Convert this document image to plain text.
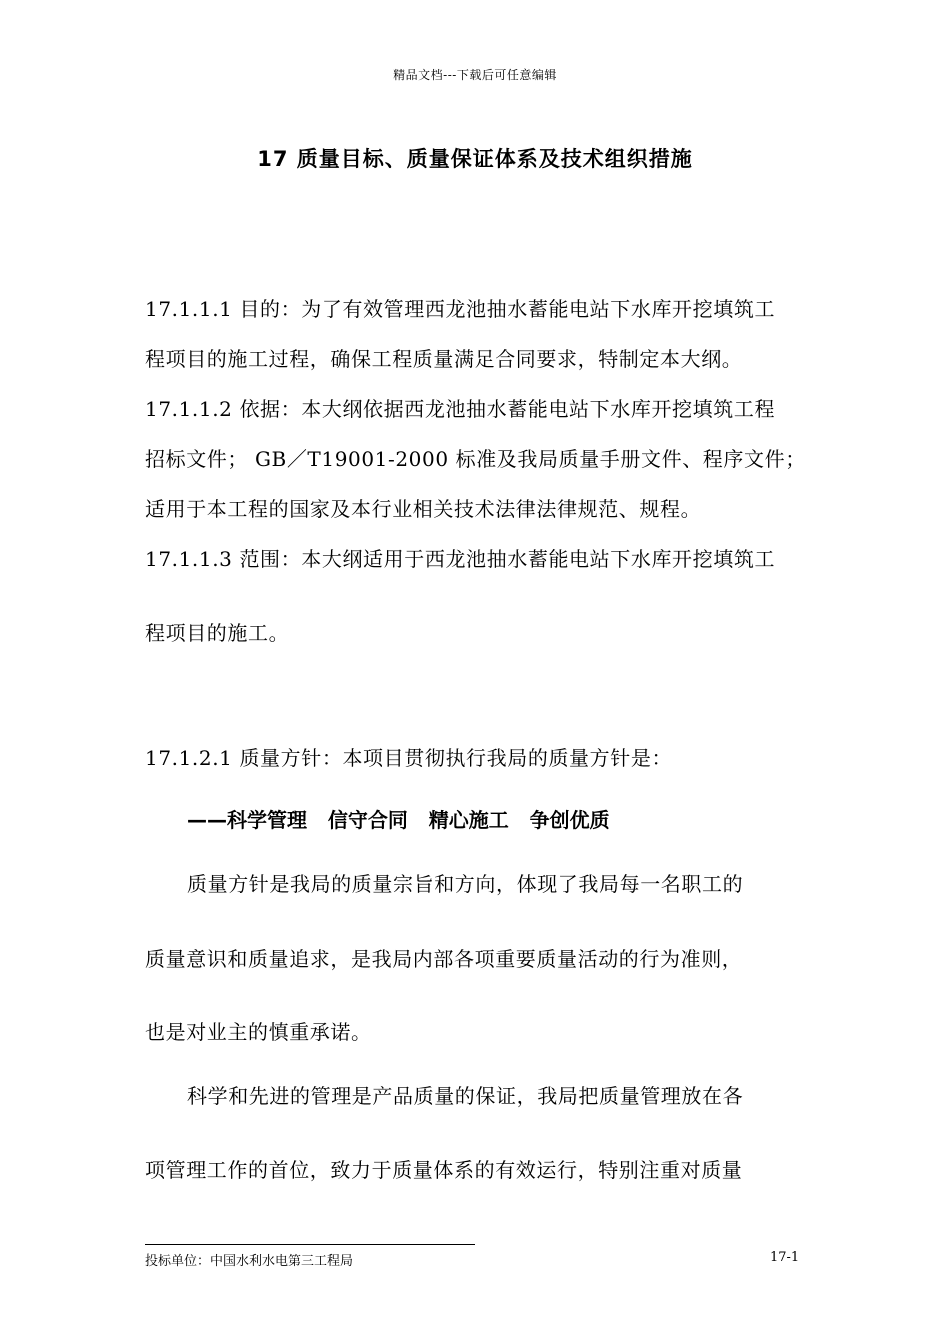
精品文档---下载后可任意编辑
17 质量目标、质量保证体系及技术组织措施
17.1.1.1 目的：为了有效管理西龙池抽水蓄能电站下水库开挖填筑工
程项目的施工过程，确保工程质量满足合同要求，特制定本大纲。
17.1.1.2 依据：本大纲依据西龙池抽水蓄能电站下水库开挖填筑工程
招标文件； GB／T19001-2000 标准及我局质量手册文件、程序文件；
适用于本工程的国家及本行业相关技术法律法律规范、规程。
17.1.1.3 范围：本大纲适用于西龙池抽水蓄能电站下水库开挖填筑工
程项目的施工。
17.1.2.1 质量方针：本项目贯彻执行我局的质量方针是：
——科学管理   信守合同   精心施工   争创优质
质量方针是我局的质量宗旨和方向，体现了我局每一名职工的
质量意识和质量追求，是我局内部各项重要质量活动的行为准则，
也是对业主的慎重承诺。
科学和先进的管理是产品质量的保证，我局把质量管理放在各
项管理工作的首位，致力于质量体系的有效运行，特别注重对质量
投标单位：中国水利水电第三工程局	17-1
